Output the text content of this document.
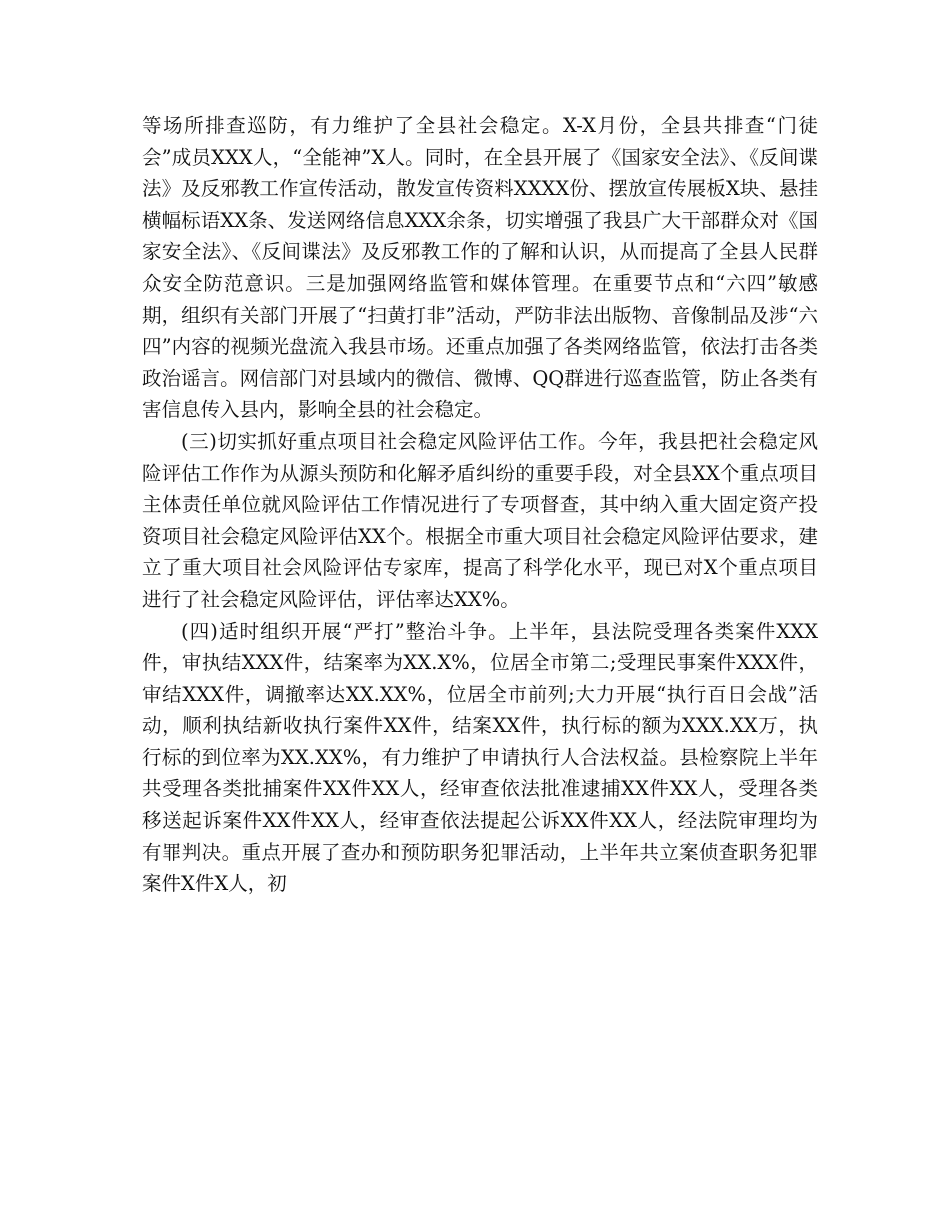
等场所排查巡防，有力维护了全县社会稳定。X-X月份，全县共排查“门徒会”成员XXX人，“全能神”X人。同时，在全县开展了《国家安全法》、《反间谍法》及反邪教工作宣传活动，散发宣传资料XXXX份、摆放宣传展板X块、悬挂横幅标语XX条、发送网络信息XXX余条，切实增强了我县广大干部群众对《国家安全法》、《反间谍法》及反邪教工作的了解和认识，从而提高了全县人民群众安全防范意识。三是加强网络监管和媒体管理。在重要节点和“六四”敏感期，组织有关部门开展了“扫黄打非”活动，严防非法出版物、音像制品及涉“六四”内容的视频光盘流入我县市场。还重点加强了各类网络监管，依法打击各类政治谣言。网信部门对县域内的微信、微博、QQ群进行巡查监管，防止各类有害信息传入县内，影响全县的社会稳定。

(三)切实抓好重点项目社会稳定风险评估工作。今年，我县把社会稳定风险评估工作作为从源头预防和化解矛盾纠纷的重要手段，对全县XX个重点项目主体责任单位就风险评估工作情况进行了专项督查，其中纳入重大固定资产投资项目社会稳定风险评估XX个。根据全市重大项目社会稳定风险评估要求，建立了重大项目社会风险评估专家库，提高了科学化水平，现已对X个重点项目进行了社会稳定风险评估，评估率达XX%。

(四)适时组织开展“严打”整治斗争。上半年，县法院受理各类案件XXX件，审执结XXX件，结案率为XX.X%，位居全市第二;受理民事案件XXX件，审结XXX件，调撤率达XX.XX%，位居全市前列;大力开展“执行百日会战”活动，顺利执结新收执行案件XX件，结案XX件，执行标的额为XXX.XX万，执行标的到位率为XX.XX%，有力维护了申请执行人合法权益。县检察院上半年共受理各类批捕案件XX件XX人，经审查依法批准逮捕XX件XX人，受理各类移送起诉案件XX件XX人，经审查依法提起公诉XX件XX人，经法院审理均为有罪判决。重点开展了查办和预防职务犯罪活动，上半年共立案侦查职务犯罪案件X件X人，初
